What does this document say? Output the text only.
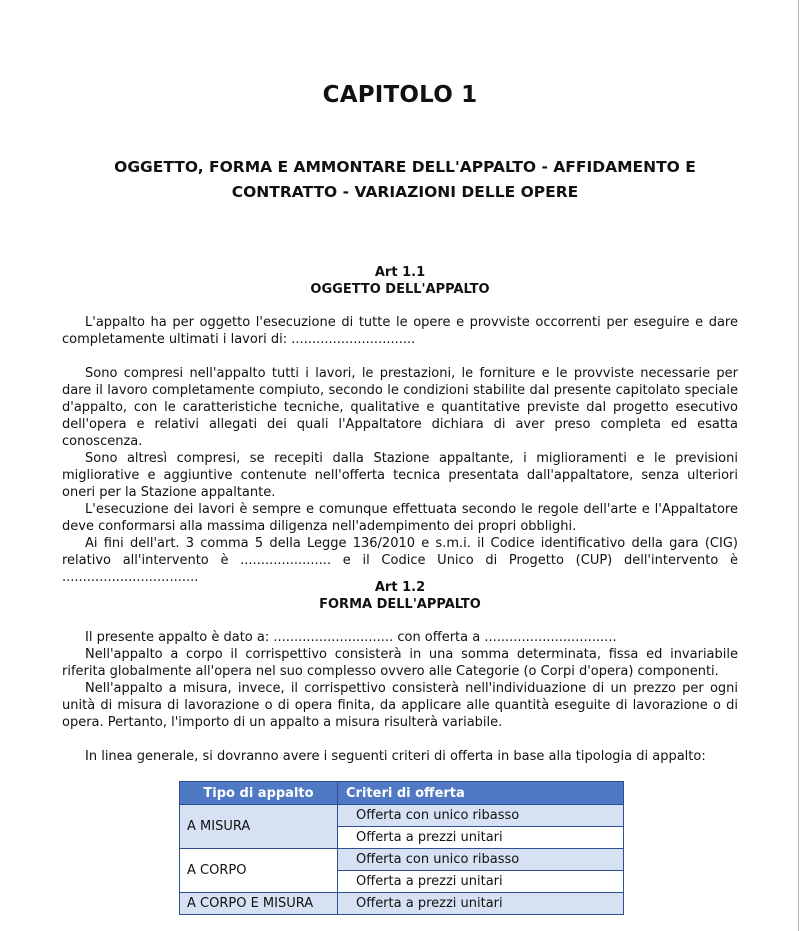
CAPITOLO 1
OGGETTO, FORMA E AMMONTARE DELL'APPALTO - AFFIDAMENTO E
CONTRATTO - VARIAZIONI DELLE OPERE
Art 1.1
OGGETTO DELL'APPALTO

L'appalto ha per oggetto l'esecuzione di tutte le opere e provviste occorrenti per eseguire e dare completamente ultimati i lavori di: ..............................

Sono compresi nell'appalto tutti i lavori, le prestazioni, le forniture e le provviste necessarie per dare il lavoro completamente compiuto, secondo le condizioni stabilite dal presente capitolato speciale d'appalto, con le caratteristiche tecniche, qualitative e quantitative previste dal progetto esecutivo dell'opera e relativi allegati dei quali l'Appaltatore dichiara di aver preso completa ed esatta conoscenza.

Sono altresì compresi, se recepiti dalla Stazione appaltante, i miglioramenti e le previsioni migliorative e aggiuntive contenute nell'offerta tecnica presentata dall'appaltatore, senza ulteriori oneri per la Stazione appaltante.

L'esecuzione dei lavori è sempre e comunque effettuata secondo le regole dell'arte e l'Appaltatore deve conformarsi alla massima diligenza nell'adempimento dei propri obblighi.

Ai fini dell'art. 3 comma 5 della Legge 136/2010 e s.m.i. il Codice identificativo della gara (CIG) relativo all'intervento è ...................... e il Codice Unico di Progetto (CUP) dell'intervento è .................................

Art 1.2
FORMA DELL'APPALTO

Il presente appalto è dato a: ............................. con offerta a ................................

Nell'appalto a corpo il corrispettivo consisterà in una somma determinata, fissa ed invariabile riferita globalmente all'opera nel suo complesso ovvero alle Categorie (o Corpi d'opera) componenti.

Nell'appalto a misura, invece, il corrispettivo consisterà nell'individuazione di un prezzo per ogni unità di misura di lavorazione o di opera finita, da applicare alle quantità eseguite di lavorazione o di opera. Pertanto, l'importo di un appalto a misura risulterà variabile.

In linea generale, si dovranno avere i seguenti criteri di offerta in base alla tipologia di appalto:

Tipo di appalto	Criteri di offerta
A MISURA	Offerta con unico ribasso
	Offerta a prezzi unitari
A CORPO	Offerta con unico ribasso
	Offerta a prezzi unitari
A CORPO E MISURA	Offerta a prezzi unitari
